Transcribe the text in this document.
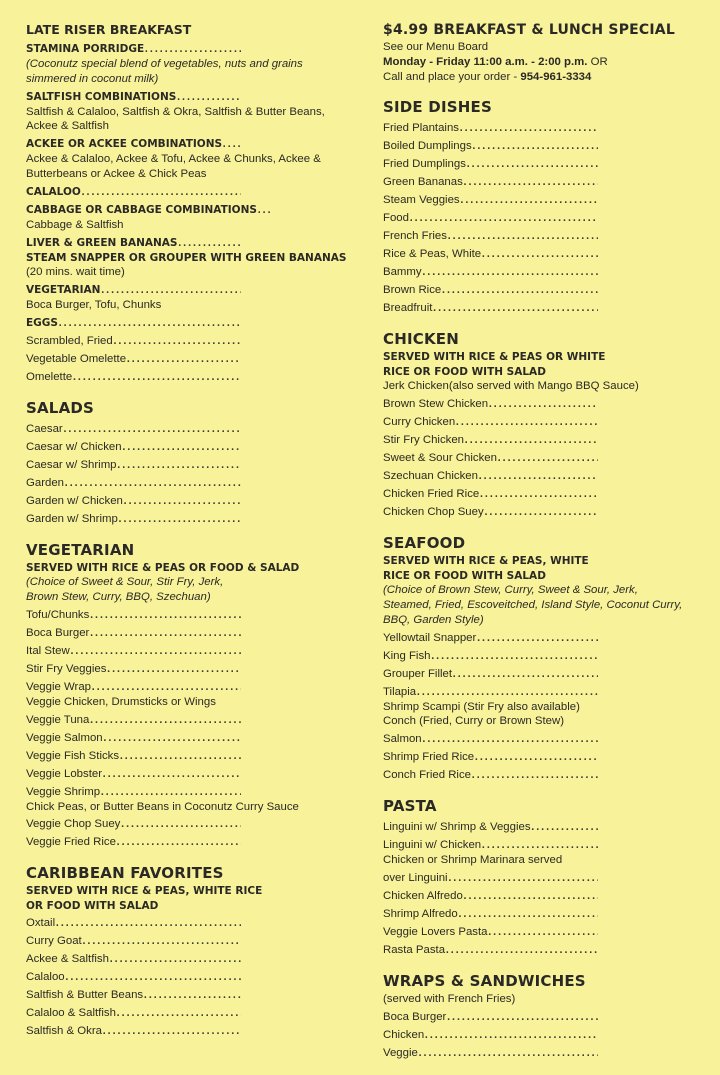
LATE RISER BREAKFAST
STAMINA PORRIDGE
.....
(Coconutz special blend of vegetables, nuts and grains simmered in coconut milk)
SALTFISH COMBINATIONS
.....
Saltfish & Calaloo, Saltfish & Okra, Saltfish & Butter Beans, Ackee & Saltfish
ACKEE OR ACKEE COMBINATIONS
.....
Ackee & Calaloo, Ackee & Tofu, Ackee & Chunks, Ackee & Butterbeans or Ackee & Chick Peas
CALALOO
.....
CABBAGE OR CABBAGE COMBINATIONS
.....
Cabbage & Saltfish
LIVER & GREEN BANANAS
.....
STEAM SNAPPER OR GROUPER WITH GREEN BANANAS
(20 mins. wait time)
VEGETARIAN
.....
Boca Burger, Tofu, Chunks
EGGS
.....
Scrambled, Fried
.....
Vegetable Omelette
.....
Omelette
.....
SALADS
Caesar
.....
Caesar w/ Chicken
.....
Caesar w/ Shrimp
.....
Garden
.....
Garden w/ Chicken
.....
Garden w/ Shrimp
.....
VEGETARIAN
SERVED WITH RICE & PEAS OR FOOD & SALAD
(Choice of Sweet & Sour, Stir Fry, Jerk, Brown Stew, Curry, BBQ, Szechuan)
Tofu/Chunks
.....
Boca Burger
.....
Ital Stew
.....
Stir Fry Veggies
.....
Veggie Wrap
.....
Veggie Chicken, Drumsticks or Wings
Veggie Tuna
.....
Veggie Salmon
.....
Veggie Fish Sticks
.....
Veggie Lobster
.....
Veggie Shrimp
.....
Chick Peas, or Butter Beans in Coconutz Curry Sauce
Veggie Chop Suey
.....
Veggie Fried Rice
.....
CARIBBEAN FAVORITES
SERVED WITH RICE & PEAS, WHITE RICE OR FOOD WITH SALAD
Oxtail
.....
Curry Goat
.....
Ackee & Saltfish
.....
Calaloo
.....
Saltfish & Butter Beans
.....
Calaloo & Saltfish
.....
Saltfish & Okra
.....
$4.99 BREAKFAST & LUNCH SPECIAL
See our Menu Board
Monday - Friday 11:00 a.m. - 2:00 p.m. OR
Call and place your order - 954-961-3334
SIDE DISHES
Fried Plantains
.....
Boiled Dumplings
.....
Fried Dumplings
.....
Green Bananas
.....
Steam Veggies
.....
Food
.....
French Fries
.....
Rice & Peas, White
.....
Bammy
.....
Brown Rice
.....
Breadfruit
.....
CHICKEN
SERVED WITH RICE & PEAS OR WHITE RICE OR FOOD WITH SALAD
Jerk Chicken(also served with Mango BBQ Sauce)
Brown Stew Chicken
.....
Curry Chicken
.....
Stir Fry Chicken
.....
Sweet & Sour Chicken
.....
Szechuan Chicken
.....
Chicken Fried Rice
.....
Chicken Chop Suey
.....
SEAFOOD
SERVED WITH RICE & PEAS, WHITE RICE OR FOOD WITH SALAD
(Choice of Brown Stew, Curry, Sweet & Sour, Jerk, Steamed, Fried, Escoveitched, Island Style, Coconut Curry, BBQ, Garden Style)
Yellowtail Snapper
.....
King Fish
.....
Grouper Fillet
.....
Tilapia
.....
Shrimp Scampi (Stir Fry also available)
Conch (Fried, Curry or Brown Stew)
Salmon
.....
Shrimp Fried Rice
.....
Conch Fried Rice
.....
PASTA
Linguini w/ Shrimp & Veggies
.....
Linguini w/ Chicken
.....
Chicken or Shrimp Marinara served
over Linguini
.....
Chicken Alfredo
.....
Shrimp Alfredo
.....
Veggie Lovers Pasta
.....
Rasta Pasta
.....
WRAPS & SANDWICHES
(served with French Fries)
Boca Burger
.....
Chicken
.....
Veggie
.....
